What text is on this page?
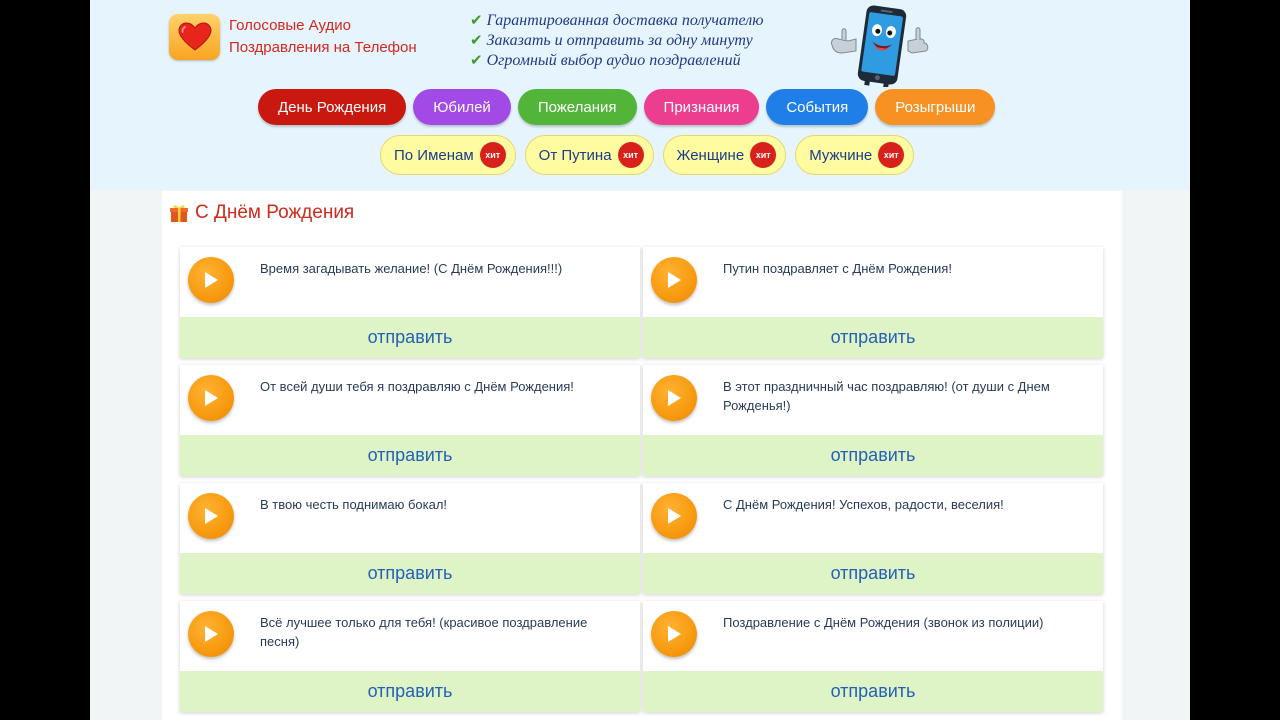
Голосовые Аудио
Поздравления на Телефон
✔ Гарантированная доставка получателю
✔ Заказать и отправить за одну минуту
✔ Огромный выбор аудио поздравлений
День Рождения	Юбилей	Пожелания	Признания	События	Розыгрыши
По Именам	хит	От Путина	хит	Женщине	хит	Мужчине	хит
С Днём Рождения
Время загадывать желание! (С Днём Рождения!!!)
отправить
Путин поздравляет с Днём Рождения!
отправить
От всей души тебя я поздравляю с Днём Рождения!
отправить
В этот праздничный час поздравляю! (от души с Днем Рожденья!)
отправить
В твою честь поднимаю бокал!
отправить
С Днём Рождения! Успехов, радости, веселия!
отправить
Всё лучшее только для тебя! (красивое поздравление песня)
отправить
Поздравление с Днём Рождения (звонок из полиции)
отправить
